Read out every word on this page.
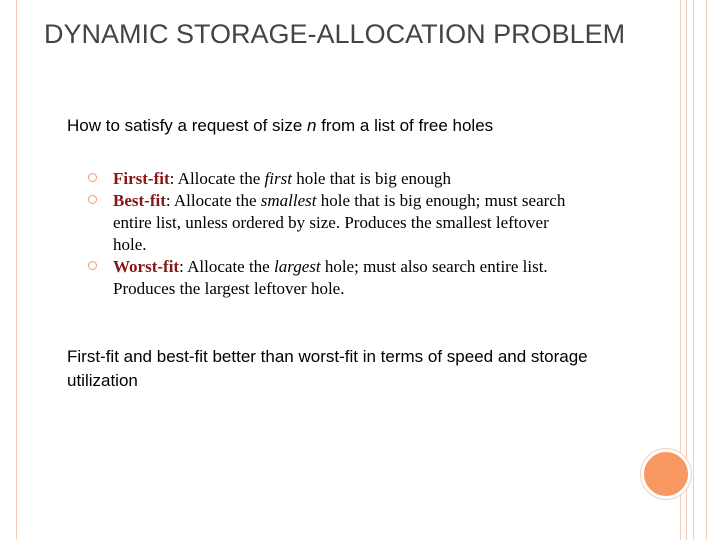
DYNAMIC STORAGE-ALLOCATION PROBLEM

How to satisfy a request of size n from a list of free holes

First-fit: Allocate the first hole that is big enough
Best-fit: Allocate the smallest hole that is big enough; must search entire list, unless ordered by size. Produces the smallest leftover hole.
Worst-fit: Allocate the largest hole; must also search entire list. Produces the largest leftover hole.

First-fit and best-fit better than worst-fit in terms of speed and storage utilization
